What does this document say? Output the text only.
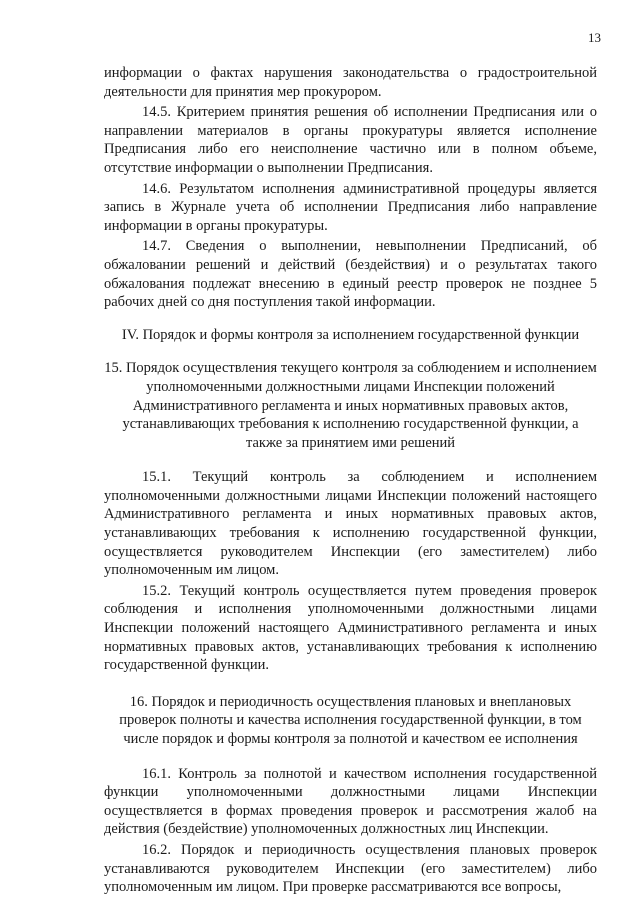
13

информации о фактах нарушения законодательства о градостроительной деятельности для принятия мер прокурором.

14.5. Критерием принятия решения об исполнении Предписания или о направлении материалов в органы прокуратуры является исполнение Предписания либо его неисполнение частично или в полном объеме, отсутствие информации о выполнении Предписания.

14.6. Результатом исполнения административной процедуры является запись в Журнале учета об исполнении Предписания либо направление информации в органы прокуратуры.

14.7. Сведения о выполнении, невыполнении Предписаний, об обжаловании решений и действий (бездействия) и о результатах такого обжалования подлежат внесению в единый реестр проверок не позднее 5 рабочих дней со дня поступления такой информации.

IV. Порядок и формы контроля за исполнением государственной функции

15. Порядок осуществления текущего контроля за соблюдением и исполнением уполномоченными должностными лицами Инспекции положений Административного регламента и иных нормативных правовых актов, устанавливающих требования к исполнению государственной функции, а также за принятием ими решений

15.1. Текущий контроль за соблюдением и исполнением уполномоченными должностными лицами Инспекции положений настоящего Административного регламента и иных нормативных правовых актов, устанавливающих требования к исполнению государственной функции, осуществляется руководителем Инспекции (его заместителем) либо уполномоченным им лицом.

15.2. Текущий контроль осуществляется путем проведения проверок соблюдения и исполнения уполномоченными должностными лицами Инспекции положений настоящего Административного регламента и иных нормативных правовых актов, устанавливающих требования к исполнению государственной функции.

16. Порядок и периодичность осуществления плановых и внеплановых проверок полноты и качества исполнения государственной функции, в том числе порядок и формы контроля за полнотой и качеством ее исполнения

16.1. Контроль за полнотой и качеством исполнения государственной функции уполномоченными должностными лицами Инспекции осуществляется в формах проведения проверок и рассмотрения жалоб на действия (бездействие) уполномоченных должностных лиц Инспекции.

16.2. Порядок и периодичность осуществления плановых проверок устанавливаются руководителем Инспекции (его заместителем) либо уполномоченным им лицом. При проверке рассматриваются все вопросы,
